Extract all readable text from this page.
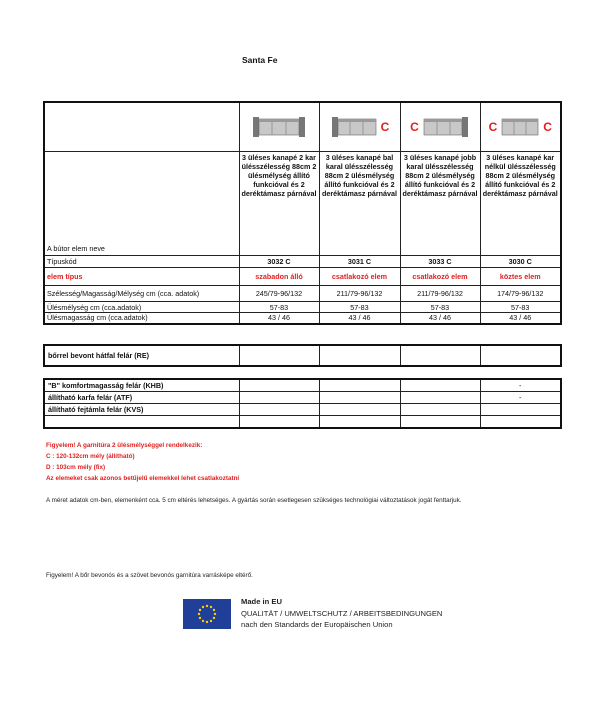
Santa Fe

C	C	C C

A bútor elem neve	3 üléses kanapé 2 kar ülésszélesség 88cm 2 ülésmélység állító funkcióval és 2 deréktámasz párnával	3 üléses kanapé bal karal ülésszélesség 88cm 2 ülésmélység állító funkcióval és 2 deréktámasz párnával	3 üléses kanapé jobb karal ülésszélesség 88cm 2 ülésmélység állító funkcióval és 2 deréktámasz párnával	3 üléses kanapé kar nélkül ülésszélesség 88cm 2 ülésmélység állító funkcióval és 2 deréktámasz párnával
Típuskód	3032 C	3031 C	3033 C	3030 C
elem típus	szabadon álló	csatlakozó elem	csatlakozó elem	köztes elem
Szélesség/Magasság/Mélység cm (cca. adatok)	245/79-96/132	211/79-96/132	211/79-96/132	174/79-96/132
Ülésmélység cm (cca.adatok)	57-83	57-83	57-83	57-83
Ülésmagasság cm (cca.adatok)	43 / 46	43 / 46	43 / 46	43 / 46
bőrrel bevont hátfal felár (RE)				
"B" komfortmagasság felár (KHB)				-
állítható karfa felár (ATF)				-
állítható fejtámla felár (KVS)				

Figyelem! A garnitúra 2 ülésmélységgel rendelkezik:
C : 120-132cm mély (állítható)
D : 103cm mély (fix)
Az elemeket csak azonos betűjelű elemekkel lehet csatlakoztatni
A méret adatok cm-ben, elemenként cca. 5 cm eltérés lehetséges. A gyártás során esetlegesen szükséges technológiai változtatások jogát fenttarjuk.
Figyelem! A bőr bevonós és a szövet bevonós garnitúra varrásképe eltérő.
Made in EU
QUALITÄT / UMWELTSCHUTZ / ARBEITSBEDINGUNGEN
nach den Standards der Europäischen Union
